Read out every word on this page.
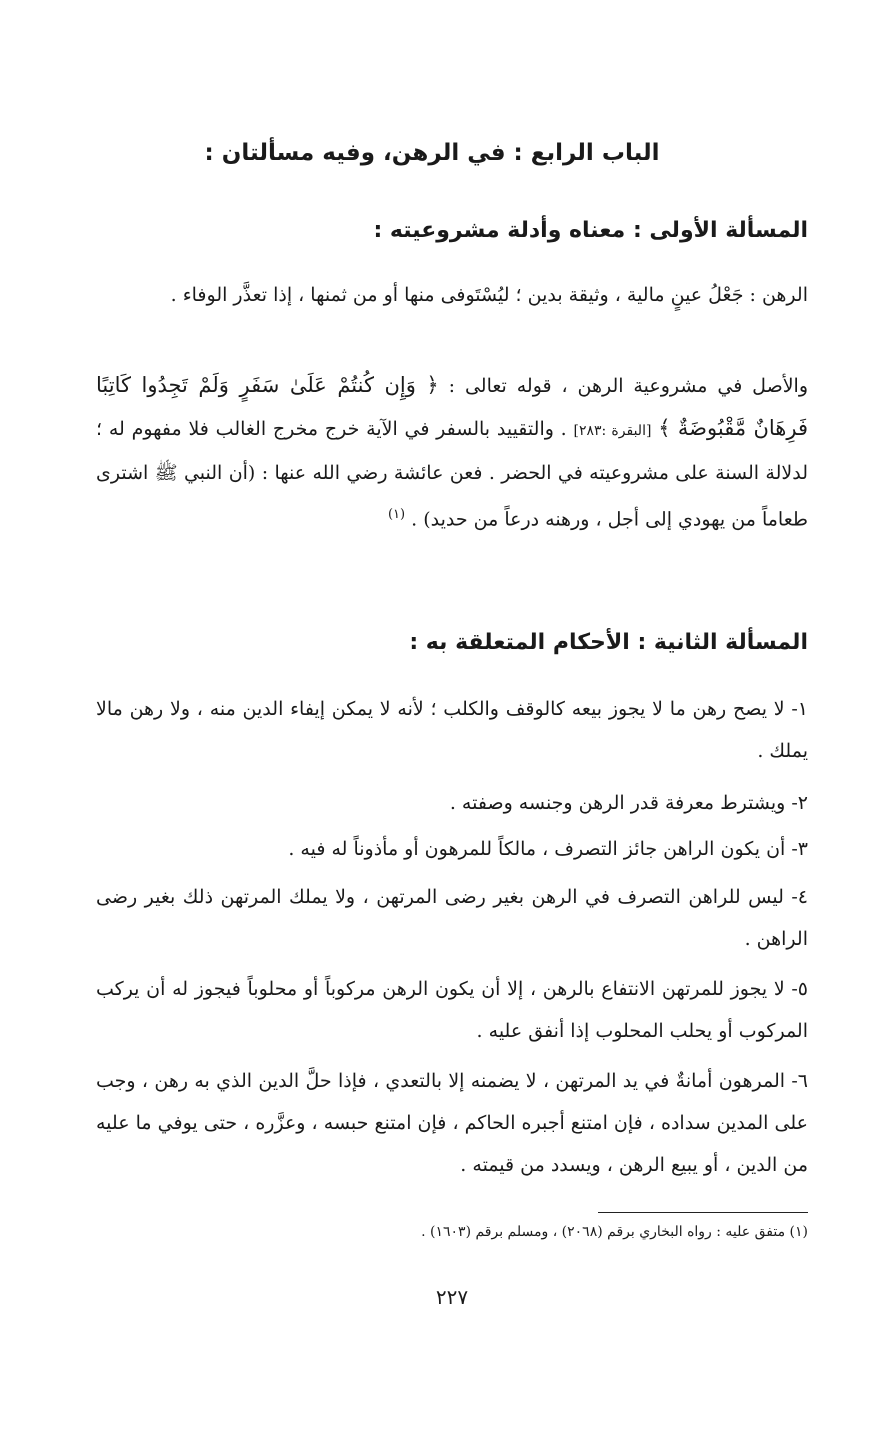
الباب الرابع : في الرهن، وفيه مسألتان :
المسألة الأولى : معناه وأدلة مشروعيته :
الرهن : جَعْلُ عينٍ مالية ، وثيقة بدين ؛ ليُسْتَوفى منها أو من ثمنها ، إذا تعذَّر الوفاء .
والأصل في مشروعية الرهن ، قوله تعالى : ﴿ وَإِن كُنتُمْ عَلَىٰ سَفَرٍ وَلَمْ تَجِدُوا كَاتِبًا فَرِهَانٌ مَّقْبُوضَةٌ ﴾ [البقرة :٢٨٣] . والتقييد بالسفر في الآية خرج مخرج الغالب فلا مفهوم له ؛ لدلالة السنة على مشروعيته في الحضر . فعن عائشة رضي الله عنها : (أن النبي ﷺ اشترى طعاماً من يهودي إلى أجل ، ورهنه درعاً من حديد) . $^{(١)}$
المسألة الثانية : الأحكام المتعلقة به :
١- لا يصح رهن ما لا يجوز بيعه كالوقف والكلب ؛ لأنه لا يمكن إيفاء الدين منه ، ولا رهن مالا يملك .
٢- ويشترط معرفة قدر الرهن وجنسه وصفته .
٣- أن يكون الراهن جائز التصرف ، مالكاً للمرهون أو مأذوناً له فيه .
٤- ليس للراهن التصرف في الرهن بغير رضى المرتهن ، ولا يملك المرتهن ذلك بغير رضى الراهن .
٥- لا يجوز للمرتهن الانتفاع بالرهن ، إلا أن يكون الرهن مركوباً أو محلوباً فيجوز له أن يركب المركوب أو يحلب المحلوب إذا أنفق عليه .
٦- المرهون أمانةٌ في يد المرتهن ، لا يضمنه إلا بالتعدي ، فإذا حلَّ الدين الذي به رهن ، وجب على المدين سداده ، فإن امتنع أجبره الحاكم ، فإن امتنع حبسه ، وعزَّره ، حتى يوفي ما عليه من الدين ، أو يبيع الرهن ، ويسدد من قيمته .
(١) متفق عليه : رواه البخاري برقم (٢٠٦٨) ، ومسلم برقم (١٦٠٣) .
٢٢٧
